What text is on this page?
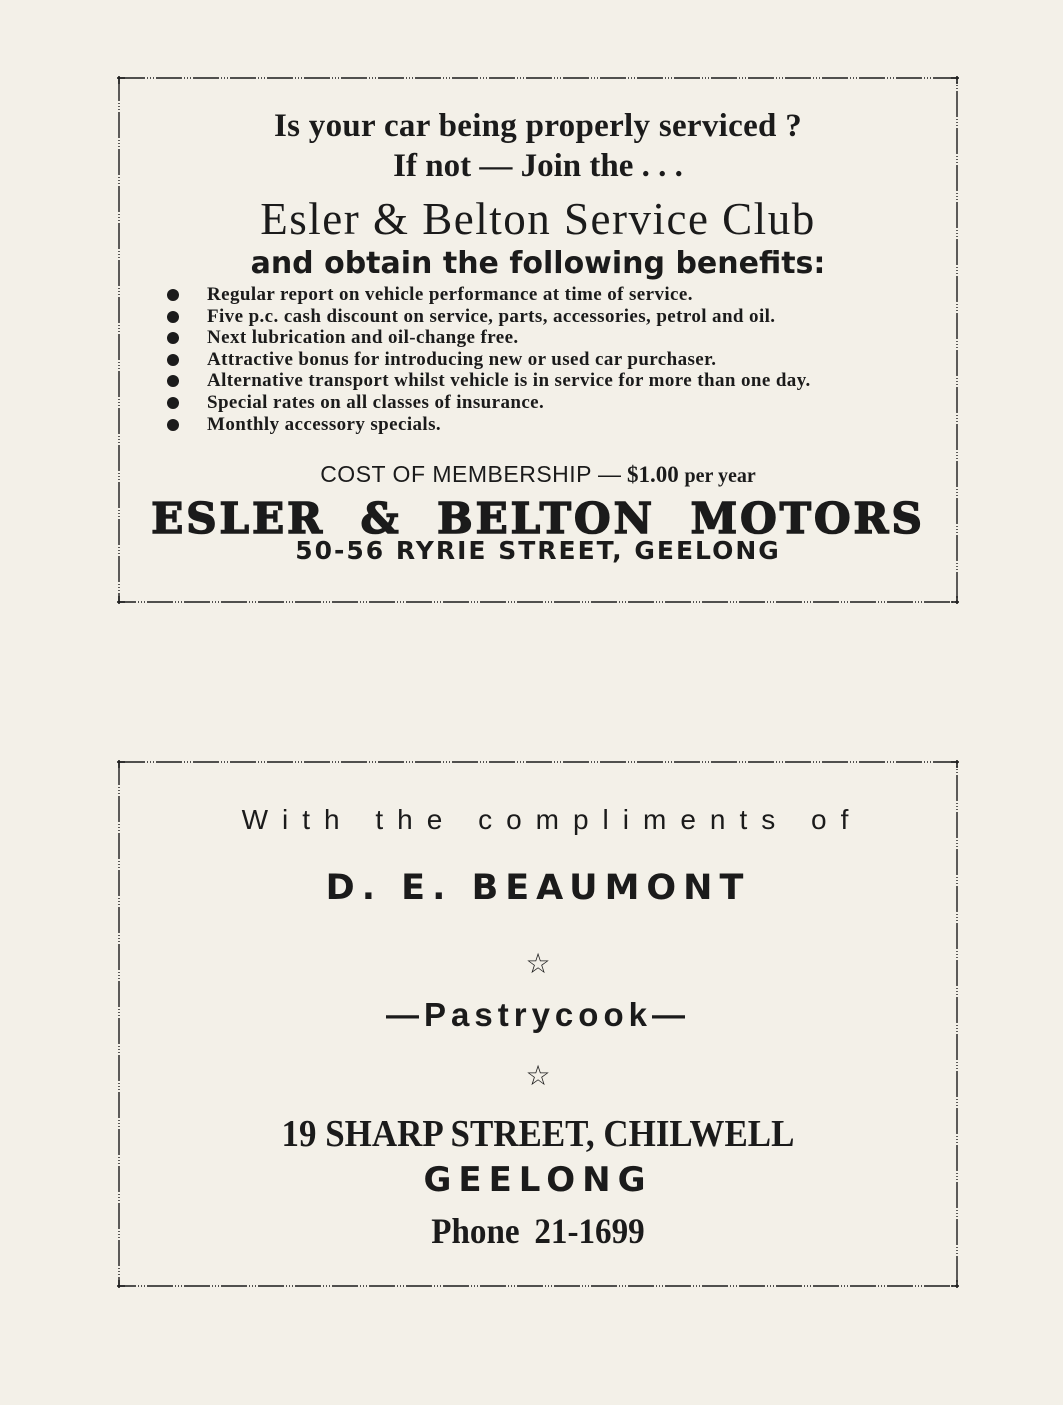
Is your car being properly serviced ?

If not — Join the . . .

Esler & Belton Service Club

and obtain the following benefits:

Regular report on vehicle performance at time of service.
Five p.c. cash discount on service, parts, accessories, petrol and oil.
Next lubrication and oil-change free.
Attractive bonus for introducing new or used car purchaser.
Alternative transport whilst vehicle is in service for more than one day.
Special rates on all classes of insurance.
Monthly accessory specials.

COST OF MEMBERSHIP — $1.00 per year

ESLER & BELTON MOTORS

50-56 RYRIE STREET, GEELONG

With the compliments of

D. E. BEAUMONT

☆

—Pastrycook—

☆

19 SHARP STREET, CHILWELL

GEELONG

Phone 21-1699
